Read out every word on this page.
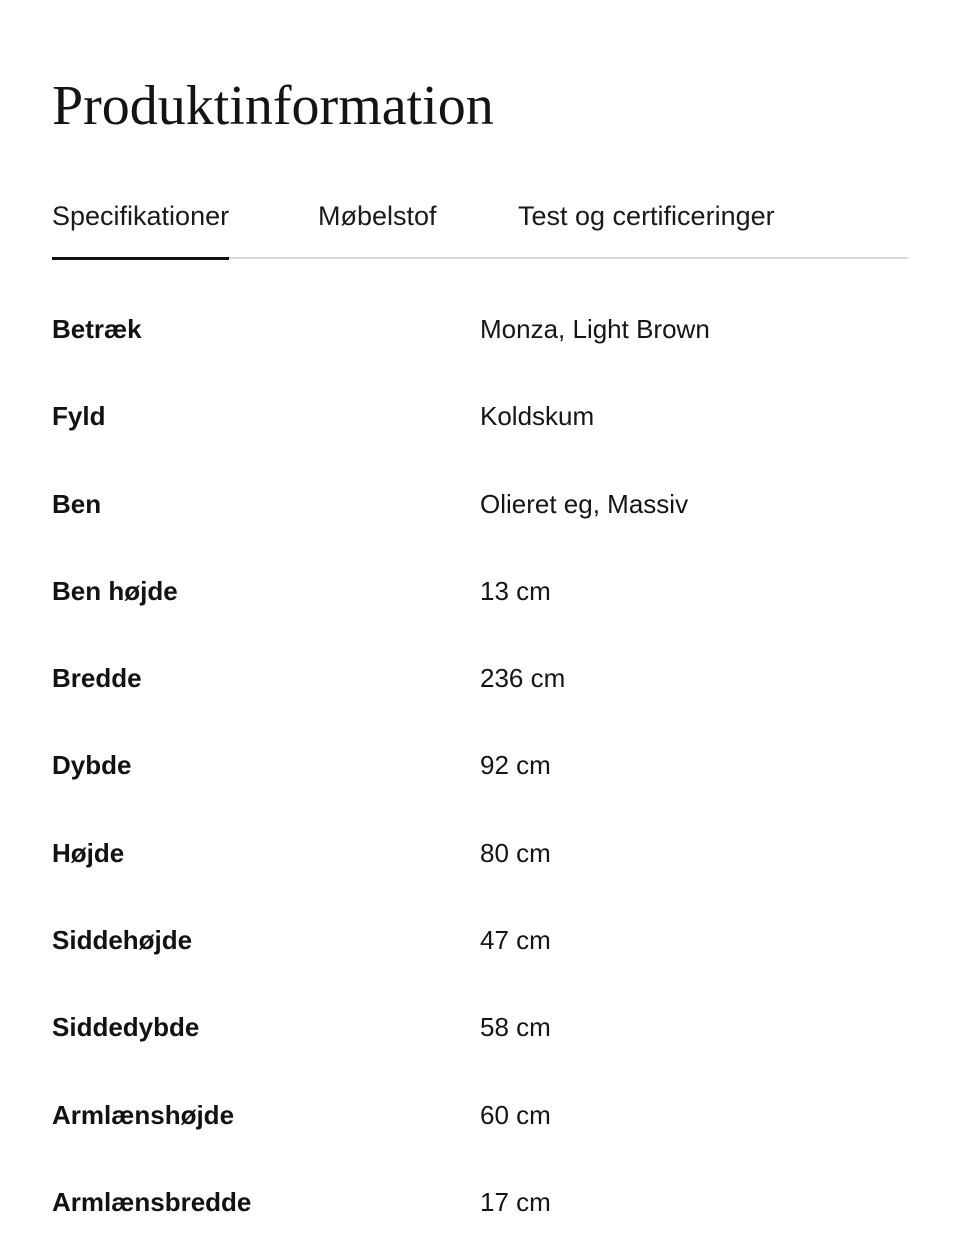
Produktinformation
Specifikationer	Møbelstof	Test og certificeringer
Betræk	Monza, Light Brown
Fyld	Koldskum
Ben	Olieret eg, Massiv
Ben højde	13 cm
Bredde	236 cm
Dybde	92 cm
Højde	80 cm
Siddehøjde	47 cm
Siddedybde	58 cm
Armlænshøjde	60 cm
Armlænsbredde	17 cm
